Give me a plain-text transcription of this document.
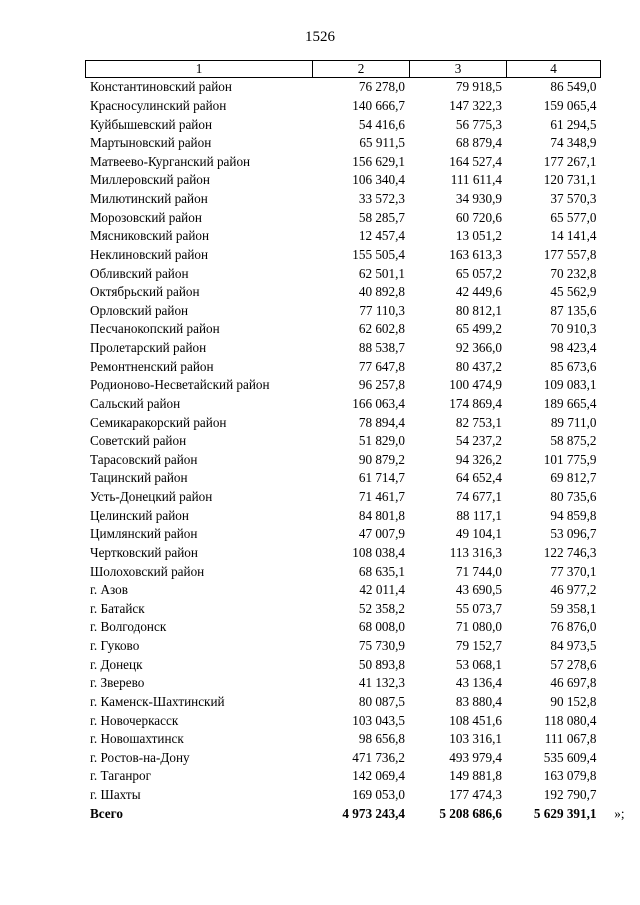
1526
1	2	3	4
Константиновский район	76 278,0	79 918,5	86 549,0
Красносулинский район	140 666,7	147 322,3	159 065,4
Куйбышевский район	54 416,6	56 775,3	61 294,5
Мартыновский район	65 911,5	68 879,4	74 348,9
Матвеево-Курганский район	156 629,1	164 527,4	177 267,1
Миллеровский район	106 340,4	111 611,4	120 731,1
Милютинский район	33 572,3	34 930,9	37 570,3
Морозовский район	58 285,7	60 720,6	65 577,0
Мясниковский район	12 457,4	13 051,2	14 141,4
Неклиновский район	155 505,4	163 613,3	177 557,8
Обливский район	62 501,1	65 057,2	70 232,8
Октябрьский район	40 892,8	42 449,6	45 562,9
Орловский район	77 110,3	80 812,1	87 135,6
Песчанокопский район	62 602,8	65 499,2	70 910,3
Пролетарский район	88 538,7	92 366,0	98 423,4
Ремонтненский район	77 647,8	80 437,2	85 673,6
Родионово-Несветайский район	96 257,8	100 474,9	109 083,1
Сальский район	166 063,4	174 869,4	189 665,4
Семикаракорский район	78 894,4	82 753,1	89 711,0
Советский район	51 829,0	54 237,2	58 875,2
Тарасовский район	90 879,2	94 326,2	101 775,9
Тацинский район	61 714,7	64 652,4	69 812,7
Усть-Донецкий район	71 461,7	74 677,1	80 735,6
Целинский район	84 801,8	88 117,1	94 859,8
Цимлянский район	47 007,9	49 104,1	53 096,7
Чертковский район	108 038,4	113 316,3	122 746,3
Шолоховский район	68 635,1	71 744,0	77 370,1
г. Азов	42 011,4	43 690,5	46 977,2
г. Батайск	52 358,2	55 073,7	59 358,1
г. Волгодонск	68 008,0	71 080,0	76 876,0
г. Гуково	75 730,9	79 152,7	84 973,5
г. Донецк	50 893,8	53 068,1	57 278,6
г. Зверево	41 132,3	43 136,4	46 697,8
г. Каменск-Шахтинский	80 087,5	83 880,4	90 152,8
г. Новочеркасск	103 043,5	108 451,6	118 080,4
г. Новошахтинск	98 656,8	103 316,1	111 067,8
г. Ростов-на-Дону	471 736,2	493 979,4	535 609,4
г. Таганрог	142 069,4	149 881,8	163 079,8
г. Шахты	169 053,0	177 474,3	192 790,7
Всего	4 973 243,4	5 208 686,6	5 629 391,1 »;
